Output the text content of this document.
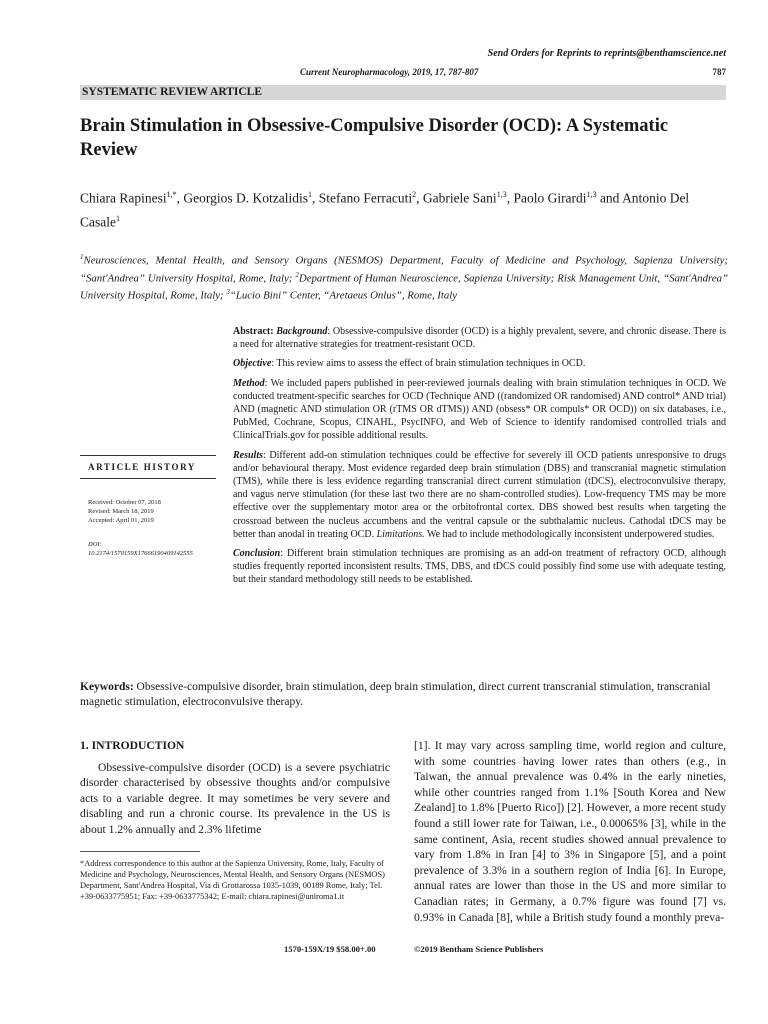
Send Orders for Reprints to reprints@benthamscience.net
Current Neuropharmacology, 2019, 17, 787-807	787
SYSTEMATIC REVIEW ARTICLE
Brain Stimulation in Obsessive-Compulsive Disorder (OCD): A Systematic Review
Chiara Rapinesi$^{1,*}$, Georgios D. Kotzalidis$^1$, Stefano Ferracuti$^2$, Gabriele Sani$^{1,3}$, Paolo Girardi$^{1,3}$ and Antonio Del Casale$^1$
$^1$Neurosciences, Mental Health, and Sensory Organs (NESMOS) Department, Faculty of Medicine and Psychology, Sapienza University; “Sant'Andrea” University Hospital, Rome, Italy; $^2$Department of Human Neuroscience, Sapienza University; Risk Management Unit, “Sant'Andrea” University Hospital, Rome, Italy; $^3$“Lucio Bini” Center, “Aretaeus Onlus”, Rome, Italy

Abstract: Background: Obsessive-compulsive disorder (OCD) is a highly prevalent, severe, and chronic disease. There is a need for alternative strategies for treatment-resistant OCD.

Objective: This review aims to assess the effect of brain stimulation techniques in OCD.

Method: We included papers published in peer-reviewed journals dealing with brain stimulation techniques in OCD. We conducted treatment-specific searches for OCD (Technique AND ((randomized OR randomised) AND control* AND trial) AND (magnetic AND stimulation OR (rTMS OR dTMS)) AND (obsess* OR compuls* OR OCD)) on six databases, i.e., PubMed, Cochrane, Scopus, CINAHL, PsycINFO, and Web of Science to identify randomised controlled trials and ClinicalTrials.gov for possible additional results.

Results: Different add-on stimulation techniques could be effective for severely ill OCD patients unresponsive to drugs and/or behavioural therapy. Most evidence regarded deep brain stimulation (DBS) and transcranial magnetic stimulation (TMS), while there is less evidence regarding transcranial direct current stimulation (tDCS), electroconvulsive therapy, and vagus nerve stimulation (for these last two there are no sham-controlled studies). Low-frequency TMS may be more effective over the supplementary motor area or the orbitofrontal cortex. DBS showed best results when targeting the crossroad between the nucleus accumbens and the ventral capsule or the subthalamic nucleus. Cathodal tDCS may be better than anodal in treating OCD. Limitations. We had to include methodologically inconsistent underpowered studies.

Conclusion: Different brain stimulation techniques are promising as an add-on treatment of refractory OCD, although studies frequently reported inconsistent results. TMS, DBS, and tDCS could possibly find some use with adequate testing, but their standard methodology still needs to be established.

ARTICLE HISTORY
Received: October 07, 2018
Revised: March 18, 2019
Accepted: April 01, 2019
DOI:
10.2174/1570159X17666190409142555
Keywords: Obsessive-compulsive disorder, brain stimulation, deep brain stimulation, direct current transcranial stimulation, transcranial magnetic stimulation, electroconvulsive therapy.
1. INTRODUCTION

Obsessive-compulsive disorder (OCD) is a severe psychiatric disorder characterised by obsessive thoughts and/or compulsive acts to a variable degree. It may sometimes be very severe and disabling and run a chronic course. Its prevalence in the US is about 1.2% annually and 2.3% lifetime

[1]. It may vary across sampling time, world region and culture, with some countries having lower rates than others (e.g., in Taiwan, the annual prevalence was 0.4% in the early nineties, while other countries ranged from 1.1% [South Korea and New Zealand] to 1.8% [Puerto Rico]) [2]. However, a more recent study found a still lower rate for Taiwan, i.e., 0.00065% [3], while in the same continent, Asia, recent studies showed annual prevalence to vary from 1.8% in Iran [4] to 3% in Singapore [5], and a point prevalence of 3.3% in a southern region of India [6]. In Europe, annual rates are lower than those in the US and more similar to Canadian rates; in Germany, a 0.7% figure was found [7] vs. 0.93% in Canada [8], while a British study found a monthly preva-

*Address correspondence to this author at the Sapienza University, Rome, Italy, Faculty of Medicine and Psychology, Neurosciences, Mental Health, and Sensory Organs (NESMOS) Department, Sant'Andrea Hospital, Via di Grottarossa 1035-1039, 00189 Rome, Italy; Tel. +39-0633775951; Fax: +39-0633775342; E-mail: chiara.rapinesi@uniroma1.it
1570-159X/19 $58.00+.00	©2019 Bentham Science Publishers
